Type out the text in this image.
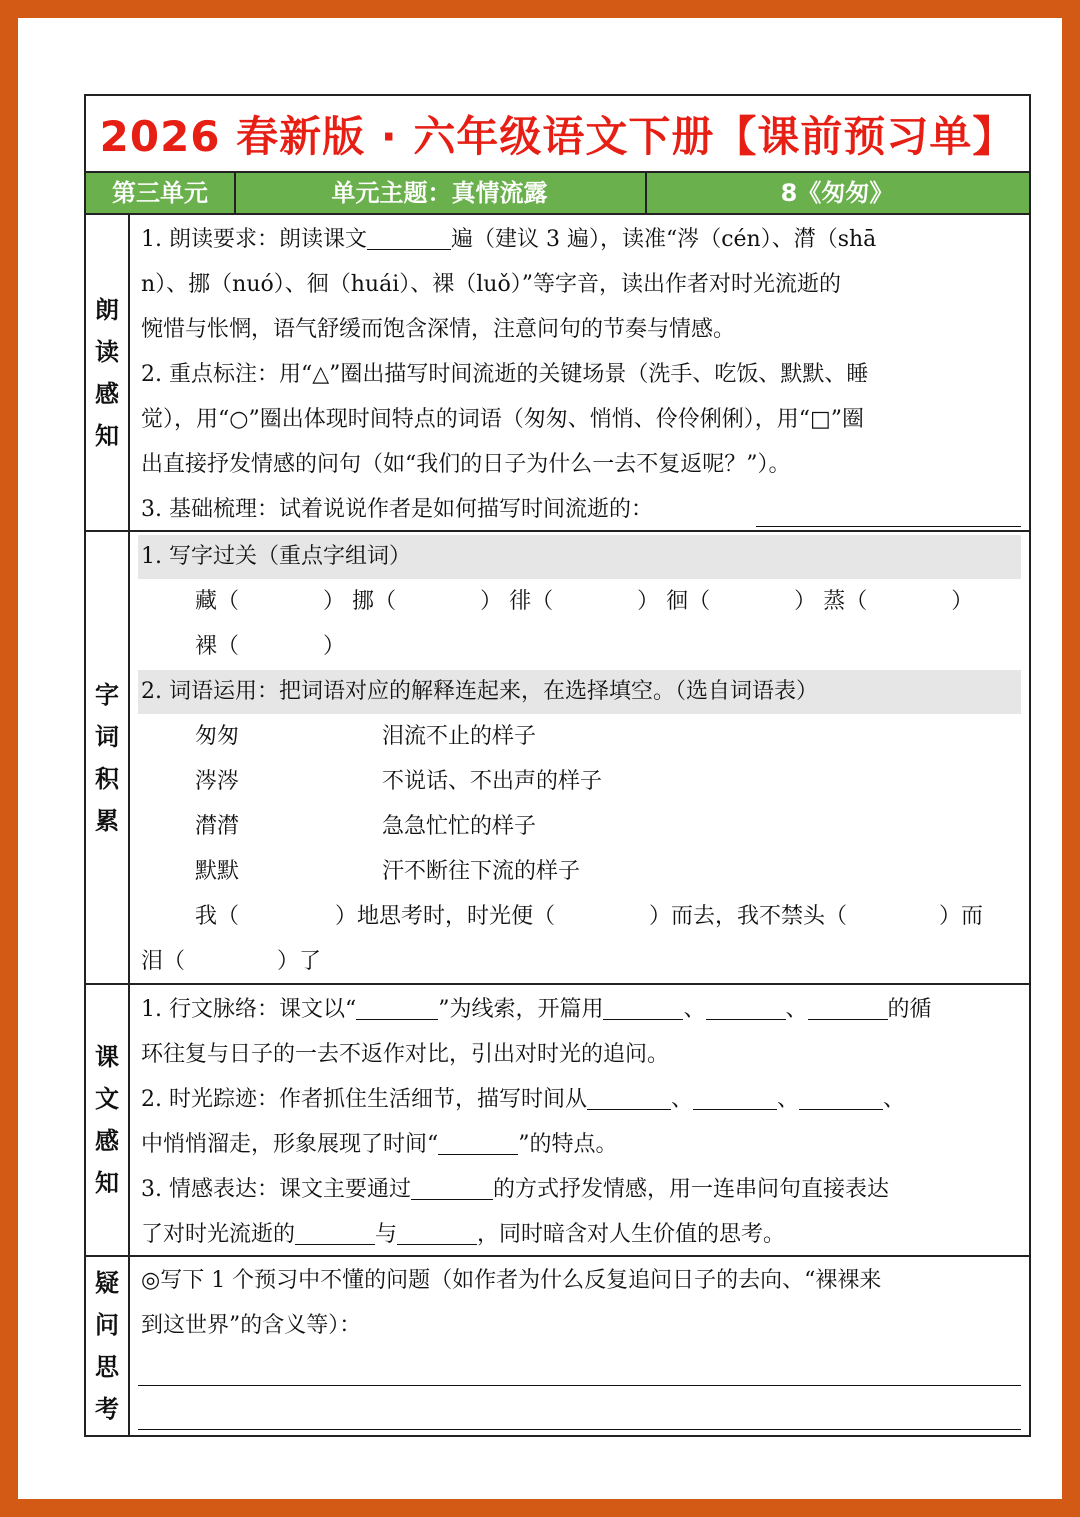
2026 春新版 · 六年级语文下册【课前预习单】
第三单元	单元主题：真情流露	8《匆匆》
朗
读
感
知
1. 朗读要求：朗读课文	遍（建议 3 遍），读准“涔（cén）、潸（shā
n）、挪（nuó）、徊（huái）、裸（luǒ）”等字音，读出作者对时光流逝的
惋惜与怅惘，语气舒缓而饱含深情，注意问句的节奏与情感。
2. 重点标注：用“△”圈出描写时间流逝的关键场景（洗手、吃饭、默默、睡
觉），用“○”圈出体现时间特点的词语（匆匆、悄悄、伶伶俐俐），用“□”圈
出直接抒发情感的问句（如“我们的日子为什么一去不复返呢？”）。
3. 基础梳理：试着说说作者是如何描写时间流逝的：
字
词
积
累
1. 写字过关（重点字组词）
藏（	） 挪（	） 徘（	） 徊（	） 蒸（	）
裸（	）
2. 词语运用：把词语对应的解释连起来，在选择填空。（选自词语表）
匆匆	泪流不止的样子
涔涔	不说话、不出声的样子
潸潸	急急忙忙的样子
默默	汗不断往下流的样子
我（	）地思考时，时光便（	）而去，我不禁头（	）而
泪（	）了
课
文
感
知
1. 行文脉络：课文以“	”为线索，开篇用	、	、	的循
环往复与日子的一去不返作对比，引出对时光的追问。
2. 时光踪迹：作者抓住生活细节，描写时间从	、	、	、
中悄悄溜走，形象展现了时间“	”的特点。
3. 情感表达：课文主要通过	的方式抒发情感，用一连串问句直接表达
了对时光流逝的	与	，同时暗含对人生价值的思考。
疑
问
思
考
◎写下 1 个预习中不懂的问题（如作者为什么反复追问日子的去向、“裸裸来
到这世界”的含义等）：
